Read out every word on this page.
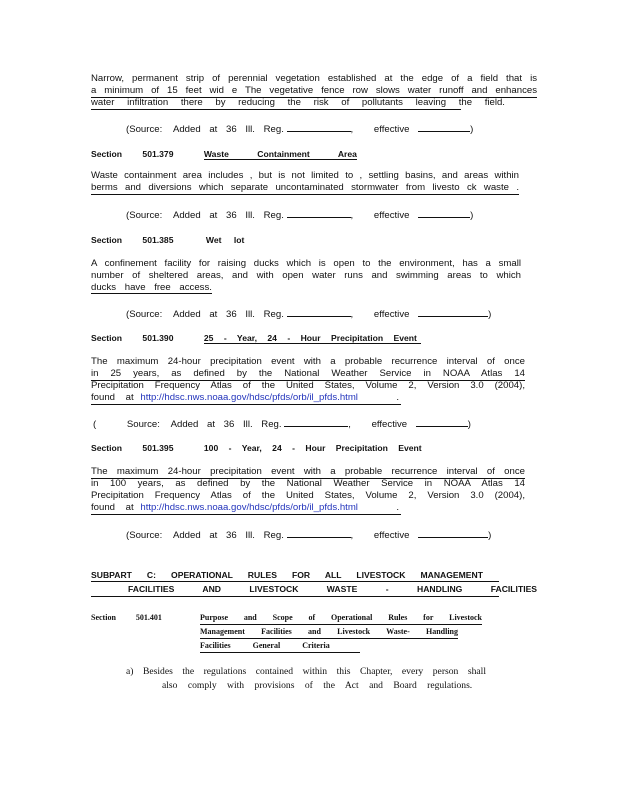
Narrow, permanent strip of perennial vegetation established at the edge of a field that is
a minimum of 15 feet wid e The vegetative fence row slows water runoff and enhances
water infiltration there by reducing the risk of pollutants leaving the field.
(Source: Added at 36 Ill. Reg.	, effective	)
Section 501.379	Waste Containment Area
Waste containment area includes , but is not limited to , settling basins, and areas within
berms and diversions which separate uncontaminated stormwater from livesto ck waste .
(Source: Added at 36 Ill. Reg.	, effective	)
Section 501.385	Wet lot
A confinement facility for raising ducks which is open to the environment, has a small
number of sheltered areas, and with open water runs and swimming areas to which
ducks have free access.
(Source: Added at 36 Ill. Reg.	, effective	)
Section 501.390	25 - Year, 24 - Hour Precipitation Event
The maximum 24-hour precipitation event with a probable recurrence interval of once
in 25 years, as defined by the National Weather Service in NOAA Atlas 14
Precipitation Frequency Atlas of the United States, Volume 2, Version 3.0 (2004),
found at http://hdsc.nws.noaa.gov/hdsc/pfds/orb/il_pfds.html	.
( Source: Added at 36 Ill. Reg.	, effective	)
Section 501.395	100 - Year, 24 - Hour Precipitation Event
The maximum 24-hour precipitation event with a probable recurrence interval of once
in 100 years, as defined by the National Weather Service in NOAA Atlas 14
Precipitation Frequency Atlas of the United States, Volume 2, Version 3.0 (2004),
found at http://hdsc.nws.noaa.gov/hdsc/pfds/orb/il_pfds.html	.
(Source: Added at 36 Ill. Reg.	, effective	)
SUBPART C: OPERATIONAL RULES FOR ALL LIVESTOCK MANAGEMENT
FACILITIES AND LIVESTOCK WASTE - HANDLING FACILITIES
Section 501.401	Purpose and Scope of Operational Rules for Livestock
Management Facilities and Livestock Waste- Handling
Facilities General Criteria
a) Besides the regulations contained within this Chapter, every person shall
also comply with provisions of the Act and Board regulations.
